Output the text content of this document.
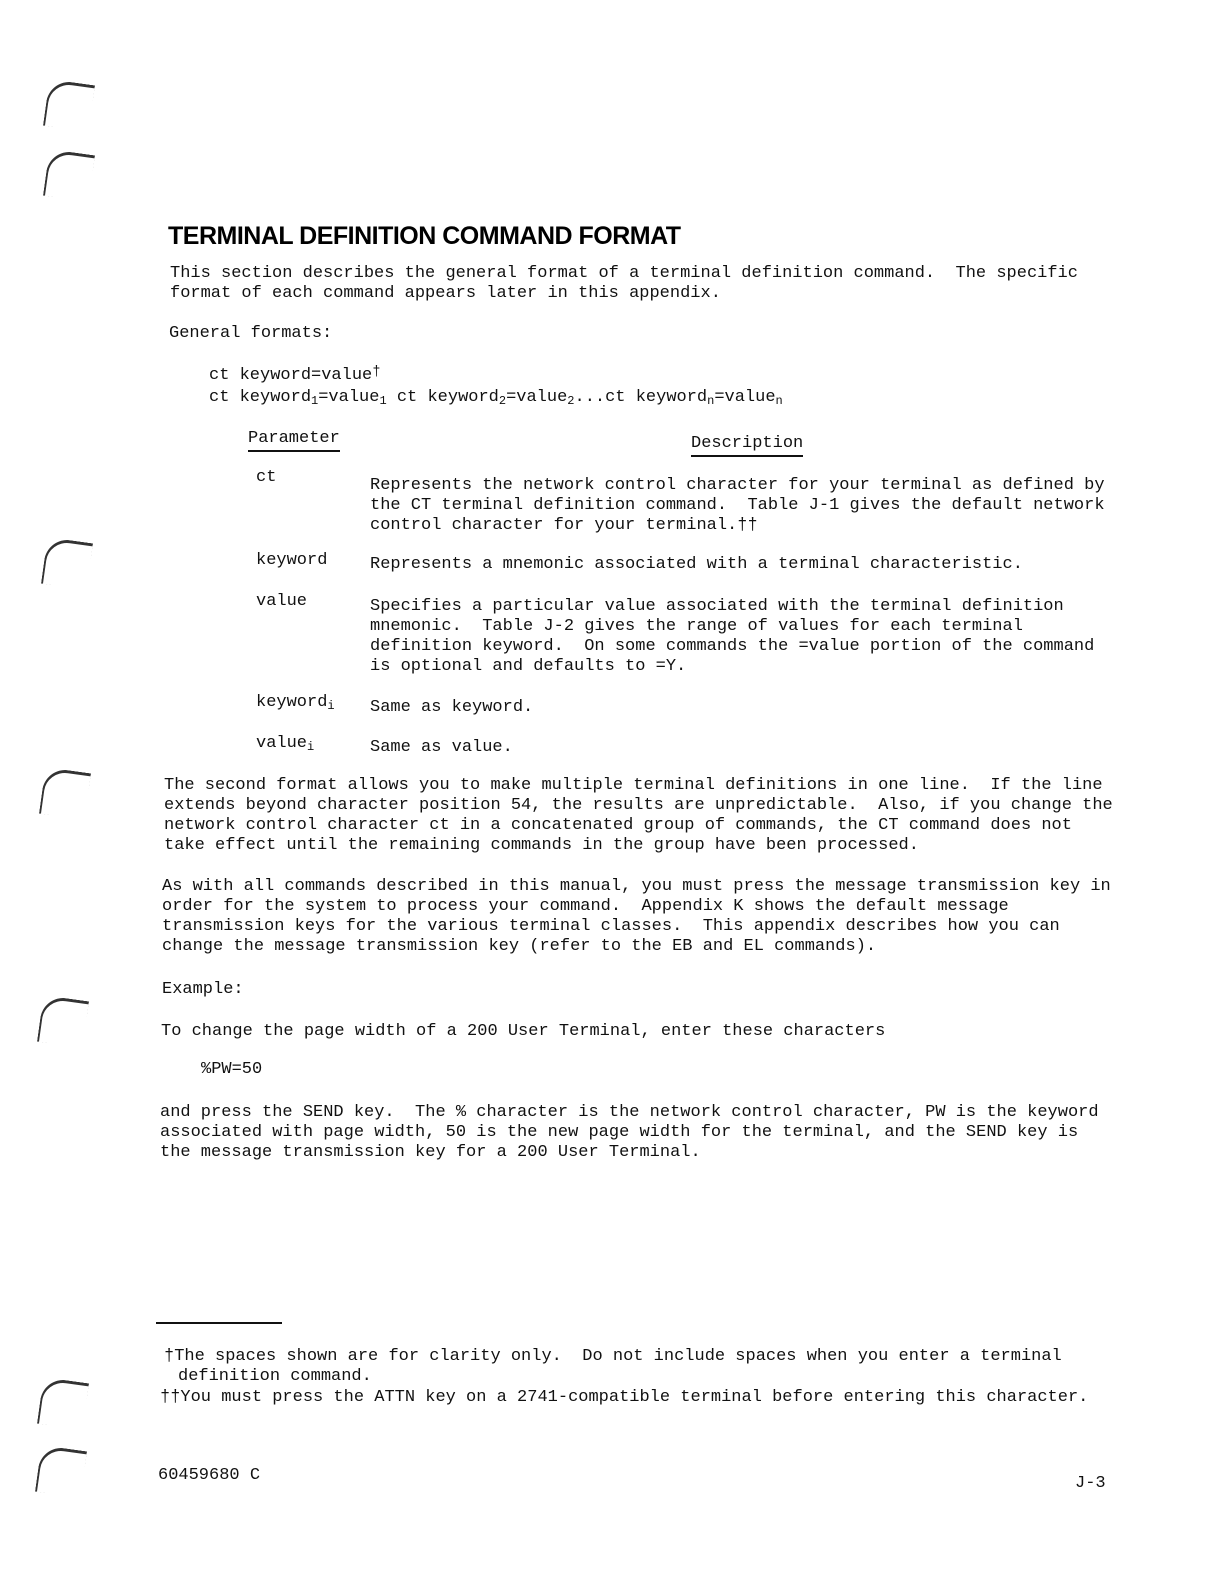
TERMINAL DEFINITION COMMAND FORMAT
This section describes the general format of a terminal definition command.  The specific format of each command appears later in this appendix.
General formats:
ct keyword=value†
ct keyword$_1$=value$_1$ ct keyword$_2$=value$_2$...ct keyword$_n$=value$_n$
Parameter	Description
ct	Represents the network control character for your terminal as defined by the CT terminal definition command.  Table J-1 gives the default network control character for your terminal.††
keyword	Represents a mnemonic associated with a terminal characteristic.
value	Specifies a particular value associated with the terminal definition mnemonic.  Table J-2 gives the range of values for each terminal definition keyword.  On some commands the =value portion of the command is optional and defaults to =Y.
keyword$_i$ Same as keyword.
value$_i$	Same as value.
The second format allows you to make multiple terminal definitions in one line.  If the line extends beyond character position 54, the results are unpredictable.  Also, if you change the network control character ct in a concatenated group of commands, the CT command does not take effect until the remaining commands in the group have been processed.
As with all commands described in this manual, you must press the message transmission key in order for the system to process your command.  Appendix K shows the default message transmission keys for the various terminal classes.  This appendix describes how you can change the message transmission key (refer to the EB and EL commands).
Example:
To change the page width of a 200 User Terminal, enter these characters
%PW=50
and press the SEND key.  The % character is the network control character, PW is the keyword associated with page width, 50 is the new page width for the terminal, and the SEND key is the message transmission key for a 200 User Terminal.
†The spaces shown are for clarity only.  Do not include spaces when you enter a terminal
definition command.
††You must press the ATTN key on a 2741-compatible terminal before entering this character.
60459680 C	J-3
